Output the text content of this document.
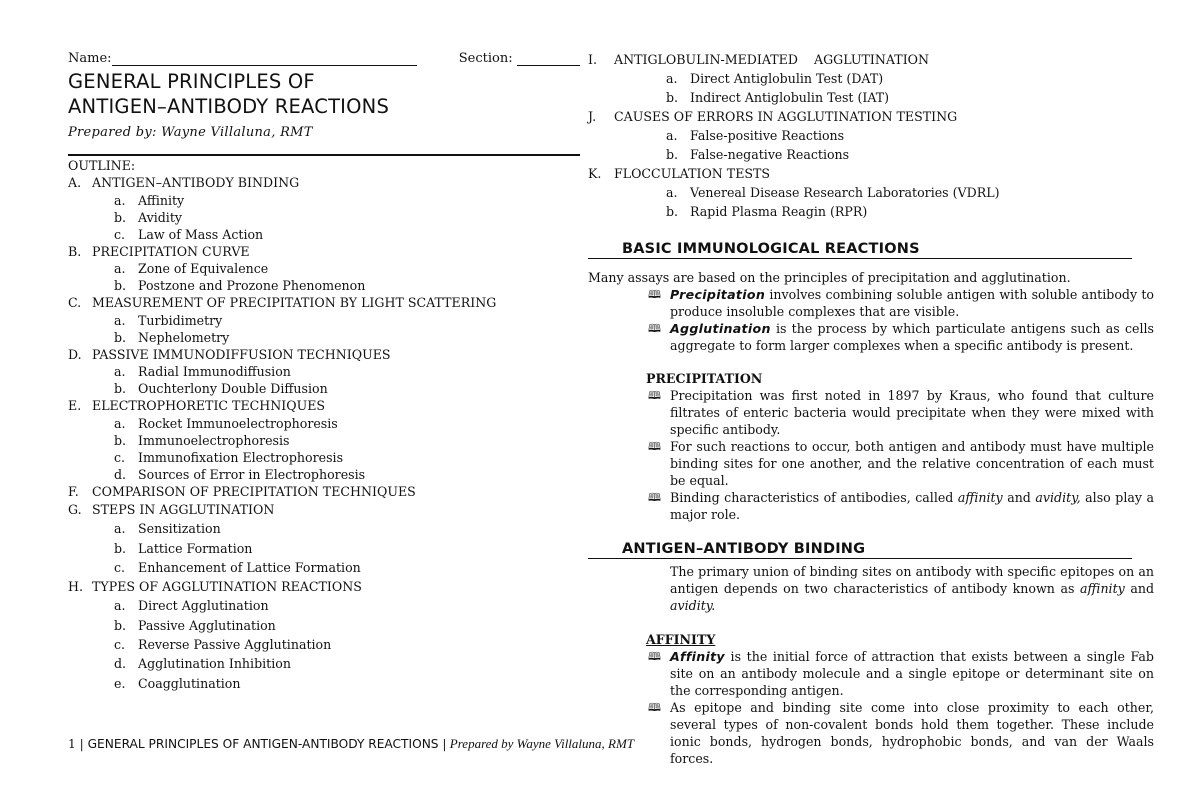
Name:	Section:
GENERAL PRINCIPLES OF
ANTIGEN–ANTIBODY REACTIONS
Prepared by: Wayne Villaluna, RMT
OUTLINE:
A. ANTIGEN–ANTIBODY BINDING
a. Affinity
b. Avidity
c.	Law of Mass Action
B. PRECIPITATION CURVE
a. Zone of Equivalence
b. Postzone and Prozone Phenomenon
C. MEASUREMENT OF PRECIPITATION BY LIGHT SCATTERING
a. Turbidimetry
b. Nephelometry
D. PASSIVE IMMUNODIFFUSION TECHNIQUES
a. Radial Immunodiffusion
b. Ouchterlony Double Diffusion
E. ELECTROPHORETIC TECHNIQUES
a. Rocket Immunoelectrophoresis
b. Immunoelectrophoresis
c.	Immunofixation Electrophoresis
d. Sources of Error in Electrophoresis
F. COMPARISON OF PRECIPITATION TECHNIQUES
G. STEPS IN AGGLUTINATION
a. Sensitization
b. Lattice Formation
c.	Enhancement of Lattice Formation
H. TYPES OF AGGLUTINATION REACTIONS
a. Direct Agglutination
b. Passive Agglutination
c.	Reverse Passive Agglutination
d. Agglutination Inhibition
e. Coagglutination
I. ANTIGLOBULIN-MEDIATED    AGGLUTINATION
a. Direct Antiglobulin Test (DAT)
b. Indirect Antiglobulin Test (IAT)
J. CAUSES OF ERRORS IN AGGLUTINATION TESTING
a. False-positive Reactions
b. False-negative Reactions
K. FLOCCULATION TESTS
a. Venereal Disease Research Laboratories (VDRL)
b. Rapid Plasma Reagin (RPR)
BASIC IMMUNOLOGICAL REACTIONS
Many assays are based on the principles of precipitation and agglutination.
🕮 Precipitation involves combining soluble antigen with soluble antibody to produce insoluble complexes that are visible.
🕮 Agglutination is the process by which particulate antigens such as cells aggregate to form larger complexes when a specific antibody is present.
PRECIPITATION
🕮 Precipitation was first noted in 1897 by Kraus, who found that culture filtrates of enteric bacteria would precipitate when they were mixed with specific antibody.
🕮 For such reactions to occur, both antigen and antibody must have multiple binding sites for one another, and the relative concentration of each must be equal.
🕮 Binding characteristics of antibodies, called affinity and avidity, also play a major role.
ANTIGEN–ANTIBODY BINDING
The primary union of binding sites on antibody with specific epitopes on an antigen depends on two characteristics of antibody known as affinity and avidity.
AFFINITY
🕮 Affinity is the initial force of attraction that exists between a single Fab site on an antibody molecule and a single epitope or determinant site on the corresponding antigen.
🕮 As epitope and binding site come into close proximity to each other, several types of non-covalent bonds hold them together. These include ionic bonds, hydrogen bonds, hydrophobic bonds, and van der Waals forces.
1 | GENERAL PRINCIPLES OF ANTIGEN-ANTIBODY REACTIONS | Prepared by Wayne Villaluna, RMT
